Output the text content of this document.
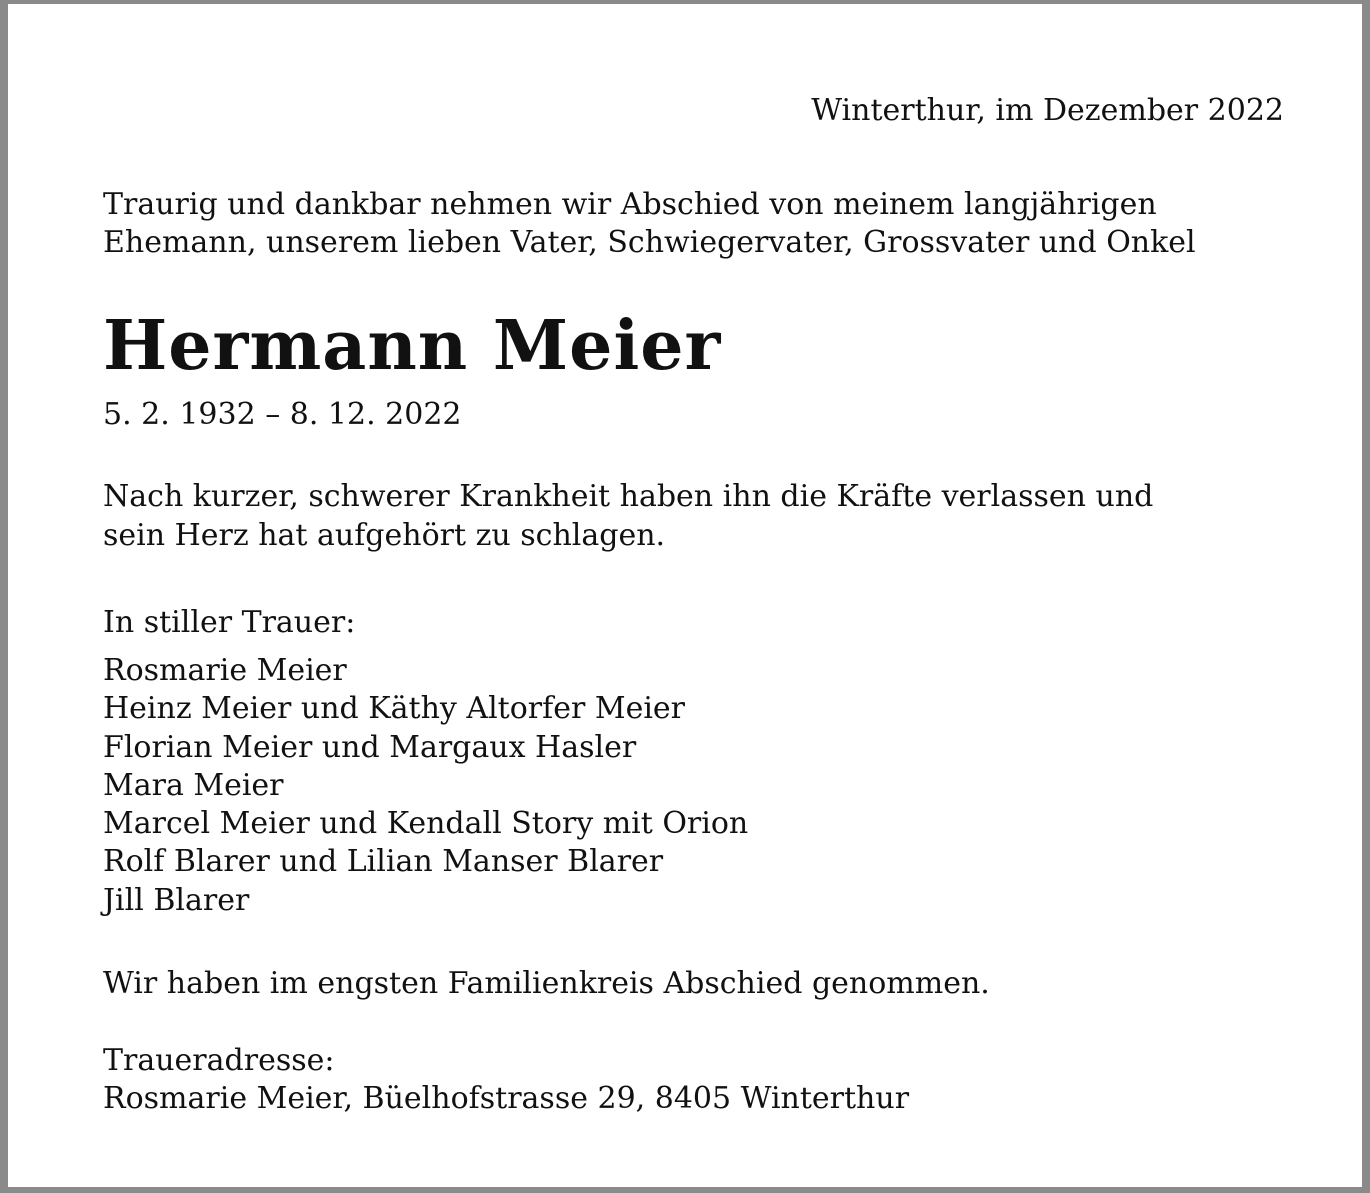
Winterthur, im Dezember 2022
Traurig und dankbar nehmen wir Abschied von meinem langjährigen
Ehemann, unserem lieben Vater, Schwiegervater, Grossvater und Onkel
Hermann Meier
5. 2. 1932 – 8. 12. 2022
Nach kurzer, schwerer Krankheit haben ihn die Kräfte verlassen und
sein Herz hat aufgehört zu schlagen.
In stiller Trauer:
Rosmarie Meier
Heinz Meier und Käthy Altorfer Meier
Florian Meier und Margaux Hasler
Mara Meier
Marcel Meier und Kendall Story mit Orion
Rolf Blarer und Lilian Manser Blarer
Jill Blarer
Wir haben im engsten Familienkreis Abschied genommen.
Traueradresse:
Rosmarie Meier, Büelhofstrasse 29, 8405 Winterthur
